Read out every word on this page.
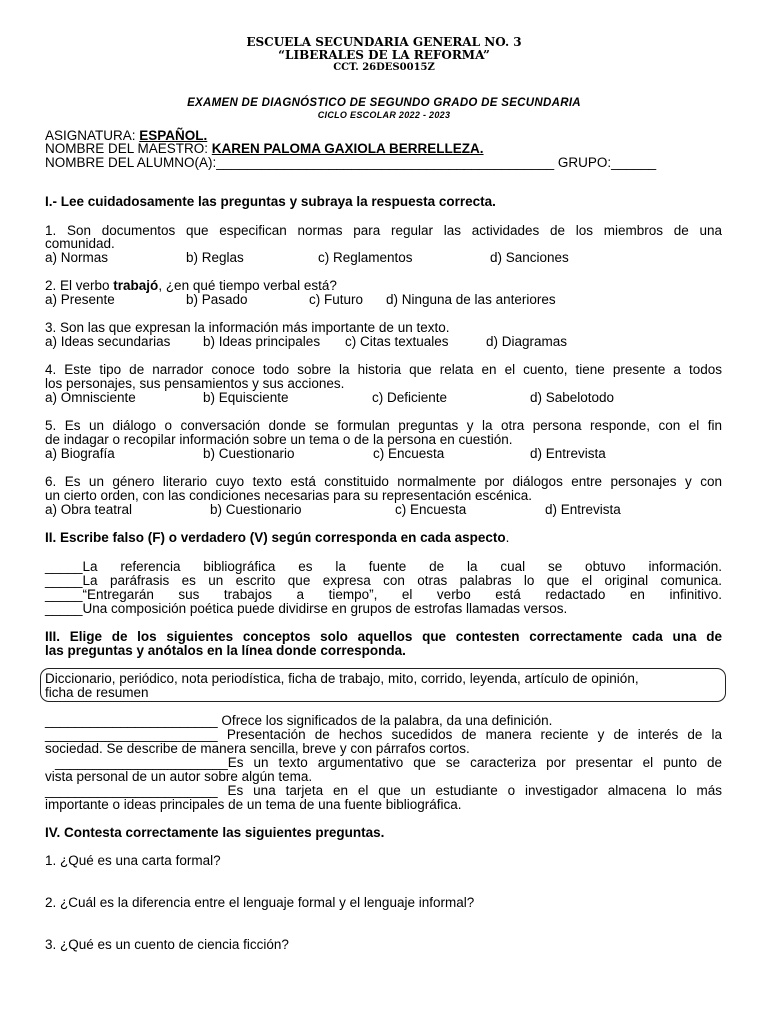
ESCUELA SECUNDARIA GENERAL NO. 3
“LIBERALES DE LA REFORMA”
CCT. 26DES0015Z
EXAMEN DE DIAGNÓSTICO DE SEGUNDO GRADO DE SECUNDARIA
CICLO ESCOLAR 2022 - 2023
ASIGNATURA: ESPAÑOL.
NOMBRE DEL MAESTRO: KAREN PALOMA GAXIOLA BERRELLEZA.
NOMBRE DEL ALUMNO(A):_____________________________________________ GRUPO:______
I.- Lee cuidadosamente las preguntas y subraya la respuesta correcta.
1. Son documentos que especifican normas para regular las actividades de los miembros de una
comunidad.
a) Normas	b) Reglas	c) Reglamentos	d) Sanciones
2. El verbo trabajó, ¿en qué tiempo verbal está?
a) Presente	b) Pasado	c) Futuro d) Ninguna de las anteriores
3. Son las que expresan la información más importante de un texto.
a) Ideas secundarias b) Ideas principales c) Citas textuales	d) Diagramas
4. Este tipo de narrador conoce todo sobre la historia que relata en el cuento, tiene presente a todos
los personajes, sus pensamientos y sus acciones.
a) Omnisciente	b) Equisciente	c) Deficiente	d) Sabelotodo
5. Es un diálogo o conversación donde se formulan preguntas y la otra persona responde, con el fin
de indagar o recopilar información sobre un tema o de la persona en cuestión.
a) Biografía	b) Cuestionario	c) Encuesta	d) Entrevista
6. Es un género literario cuyo texto está constituido normalmente por diálogos entre personajes y con
un cierto orden, con las condiciones necesarias para su representación escénica.
a) Obra teatral	b) Cuestionario	c) Encuesta	d) Entrevista
II. Escribe falso (F) o verdadero (V) según corresponda en cada aspecto.
_____La referencia bibliográfica es la fuente de la cual se obtuvo información.
_____La paráfrasis es un escrito que expresa con otras palabras lo que el original comunica.
_____“Entregarán sus trabajos a tiempo”, el verbo está redactado en infinitivo.
_____Una composición poética puede dividirse en grupos de estrofas llamadas versos.
III. Elige de los siguientes conceptos solo aquellos que contesten correctamente cada una de
las preguntas y anótalos en la línea donde corresponda.
Diccionario, periódico, nota periodística, ficha de trabajo, mito, corrido, leyenda, artículo de opinión,
ficha de resumen
_______________________ Ofrece los significados de la palabra, da una definición.
_______________________ Presentación de hechos sucedidos de manera reciente y de interés de la
sociedad. Se describe de manera sencilla, breve y con párrafos cortos.
_______________________Es un texto argumentativo que se caracteriza por presentar el punto de
vista personal de un autor sobre algún tema.
_______________________ Es una tarjeta en el que un estudiante o investigador almacena lo más
importante o ideas principales de un tema de una fuente bibliográfica.
IV. Contesta correctamente las siguientes preguntas.
1. ¿Qué es una carta formal?
2. ¿Cuál es la diferencia entre el lenguaje formal y el lenguaje informal?
3. ¿Qué es un cuento de ciencia ficción?
